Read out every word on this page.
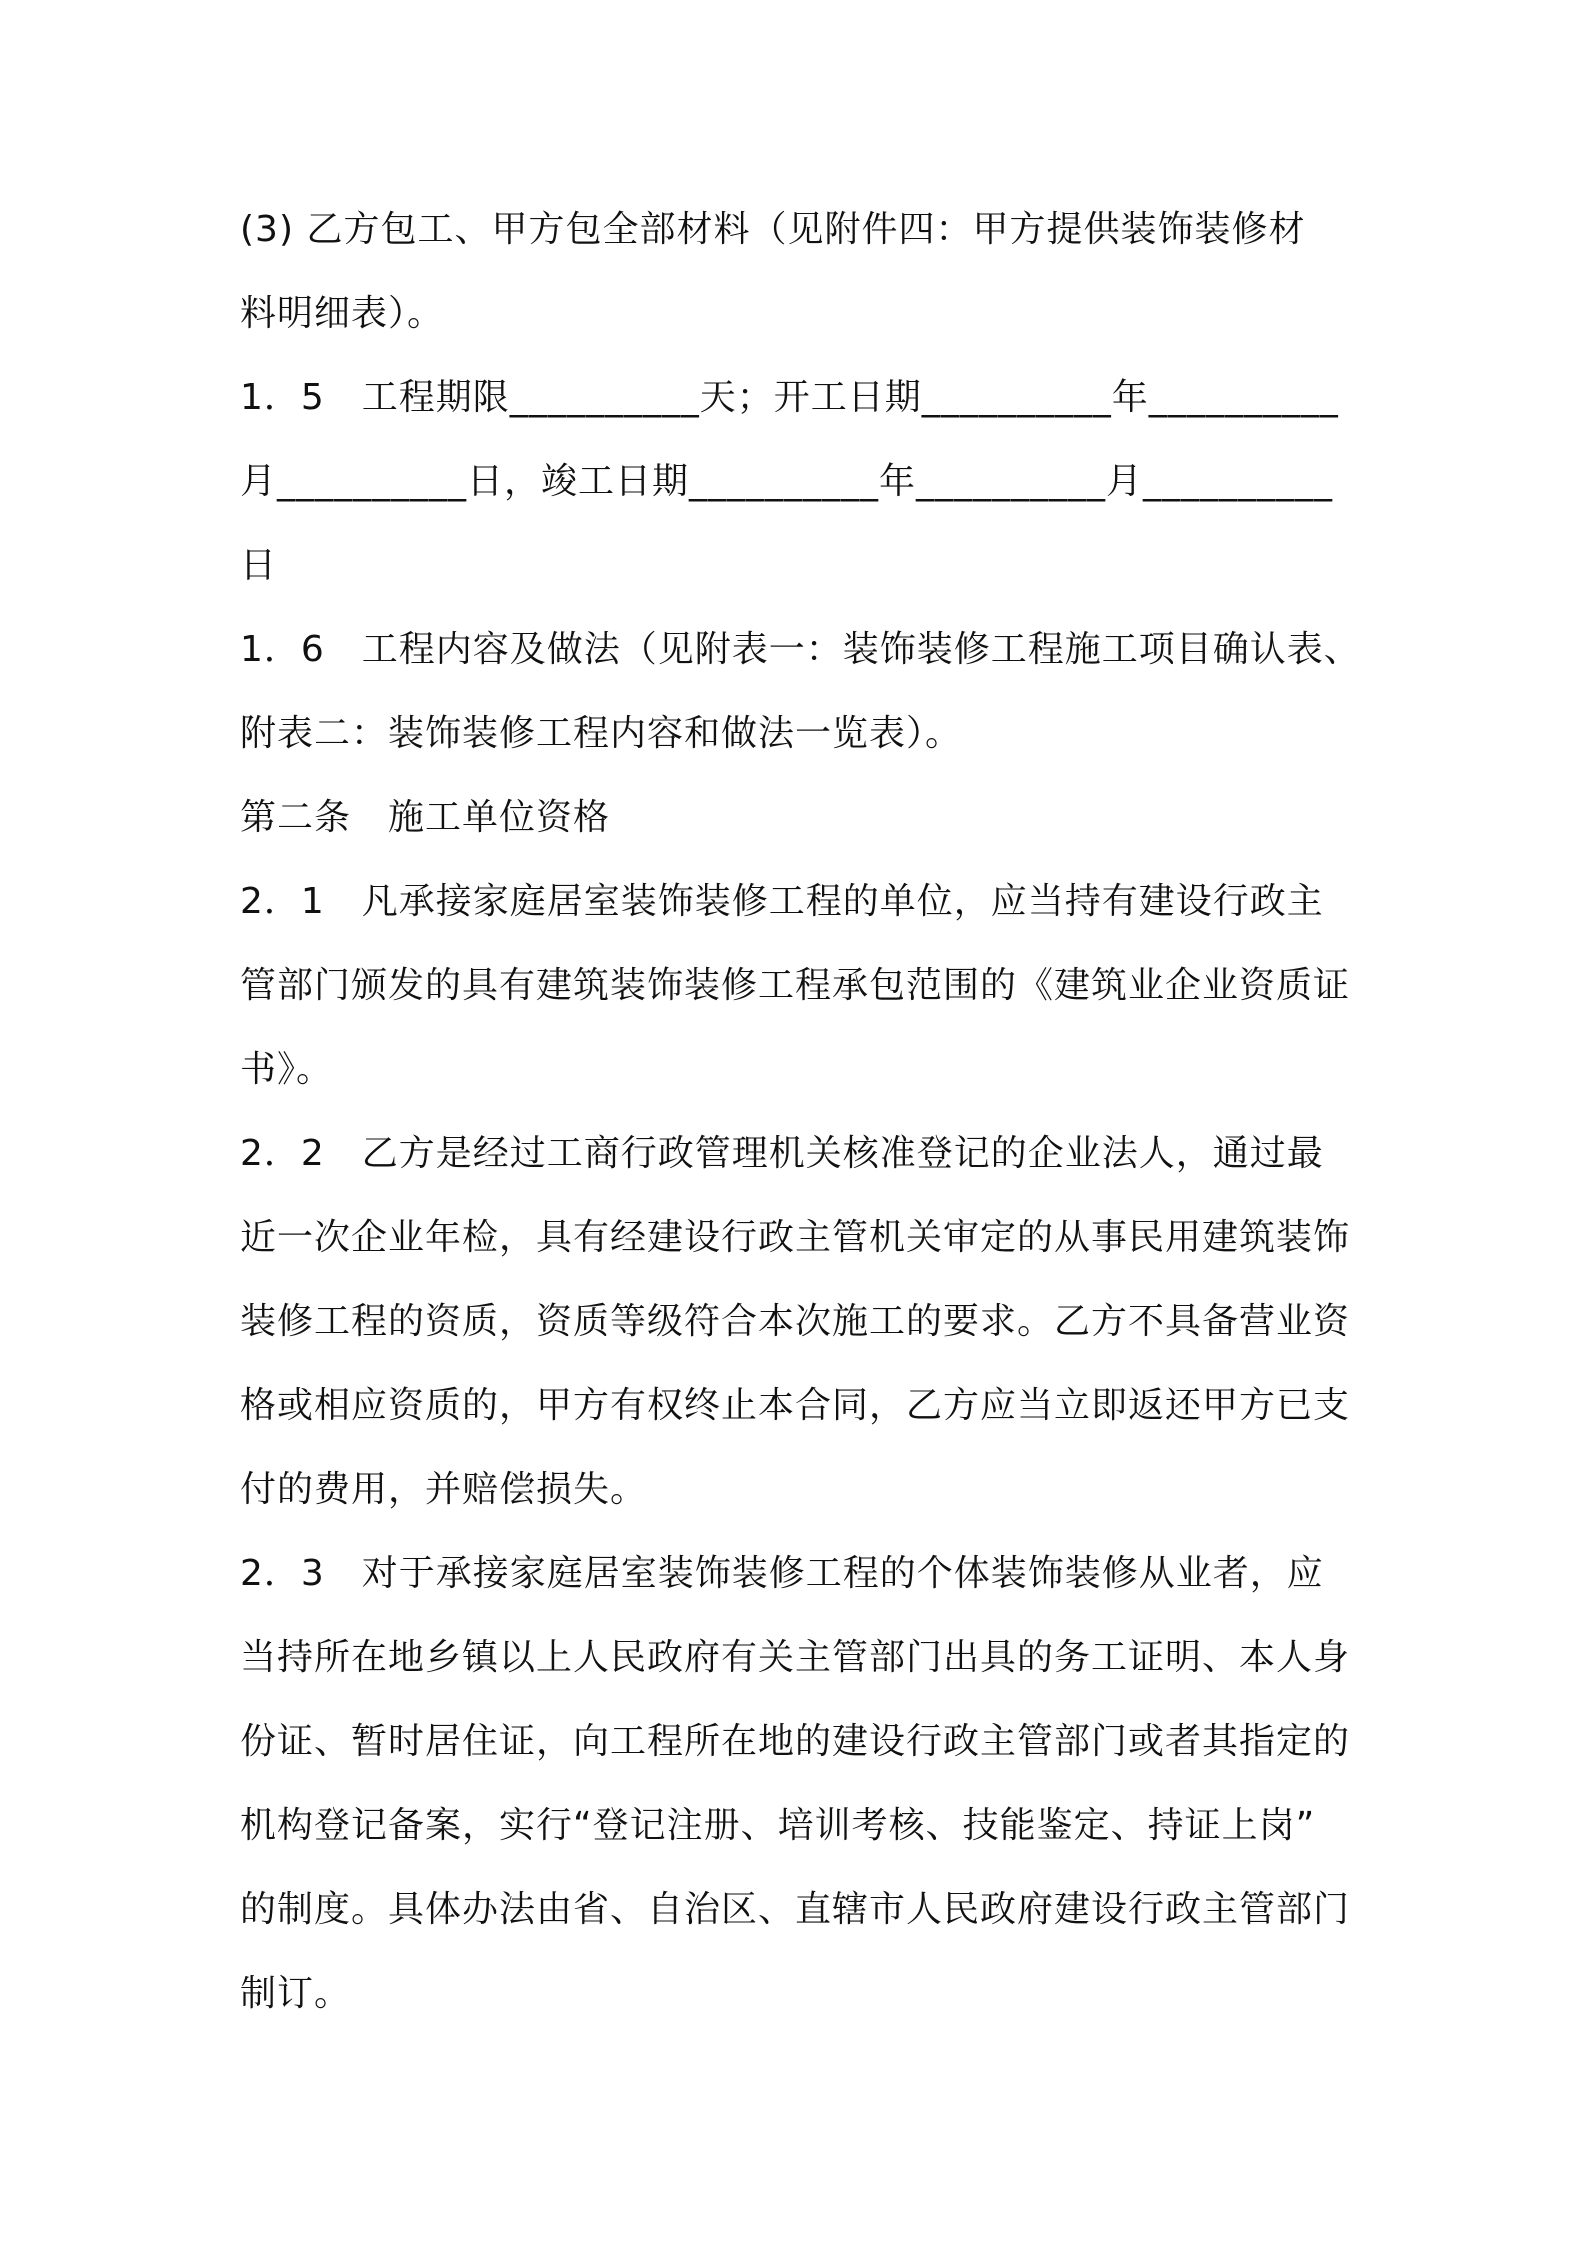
(3) 乙方包工、甲方包全部材料（见附件四：甲方提供装饰装修材
料明细表）。
1．5　工程期限__________天；开工日期__________年__________
月__________日，竣工日期__________年__________月__________
日
1．6　工程内容及做法（见附表一：装饰装修工程施工项目确认表、
附表二：装饰装修工程内容和做法一览表）。
第二条　施工单位资格
2．1　凡承接家庭居室装饰装修工程的单位，应当持有建设行政主
管部门颁发的具有建筑装饰装修工程承包范围的《建筑业企业资质证
书》。
2．2　乙方是经过工商行政管理机关核准登记的企业法人，通过最
近一次企业年检，具有经建设行政主管机关审定的从事民用建筑装饰
装修工程的资质，资质等级符合本次施工的要求。乙方不具备营业资
格或相应资质的，甲方有权终止本合同，乙方应当立即返还甲方已支
付的费用，并赔偿损失。
2．3　对于承接家庭居室装饰装修工程的个体装饰装修从业者，应
当持所在地乡镇以上人民政府有关主管部门出具的务工证明、本人身
份证、暂时居住证，向工程所在地的建设行政主管部门或者其指定的
机构登记备案，实行“登记注册、培训考核、技能鉴定、持证上岗”
的制度。具体办法由省、自治区、直辖市人民政府建设行政主管部门
制订。
